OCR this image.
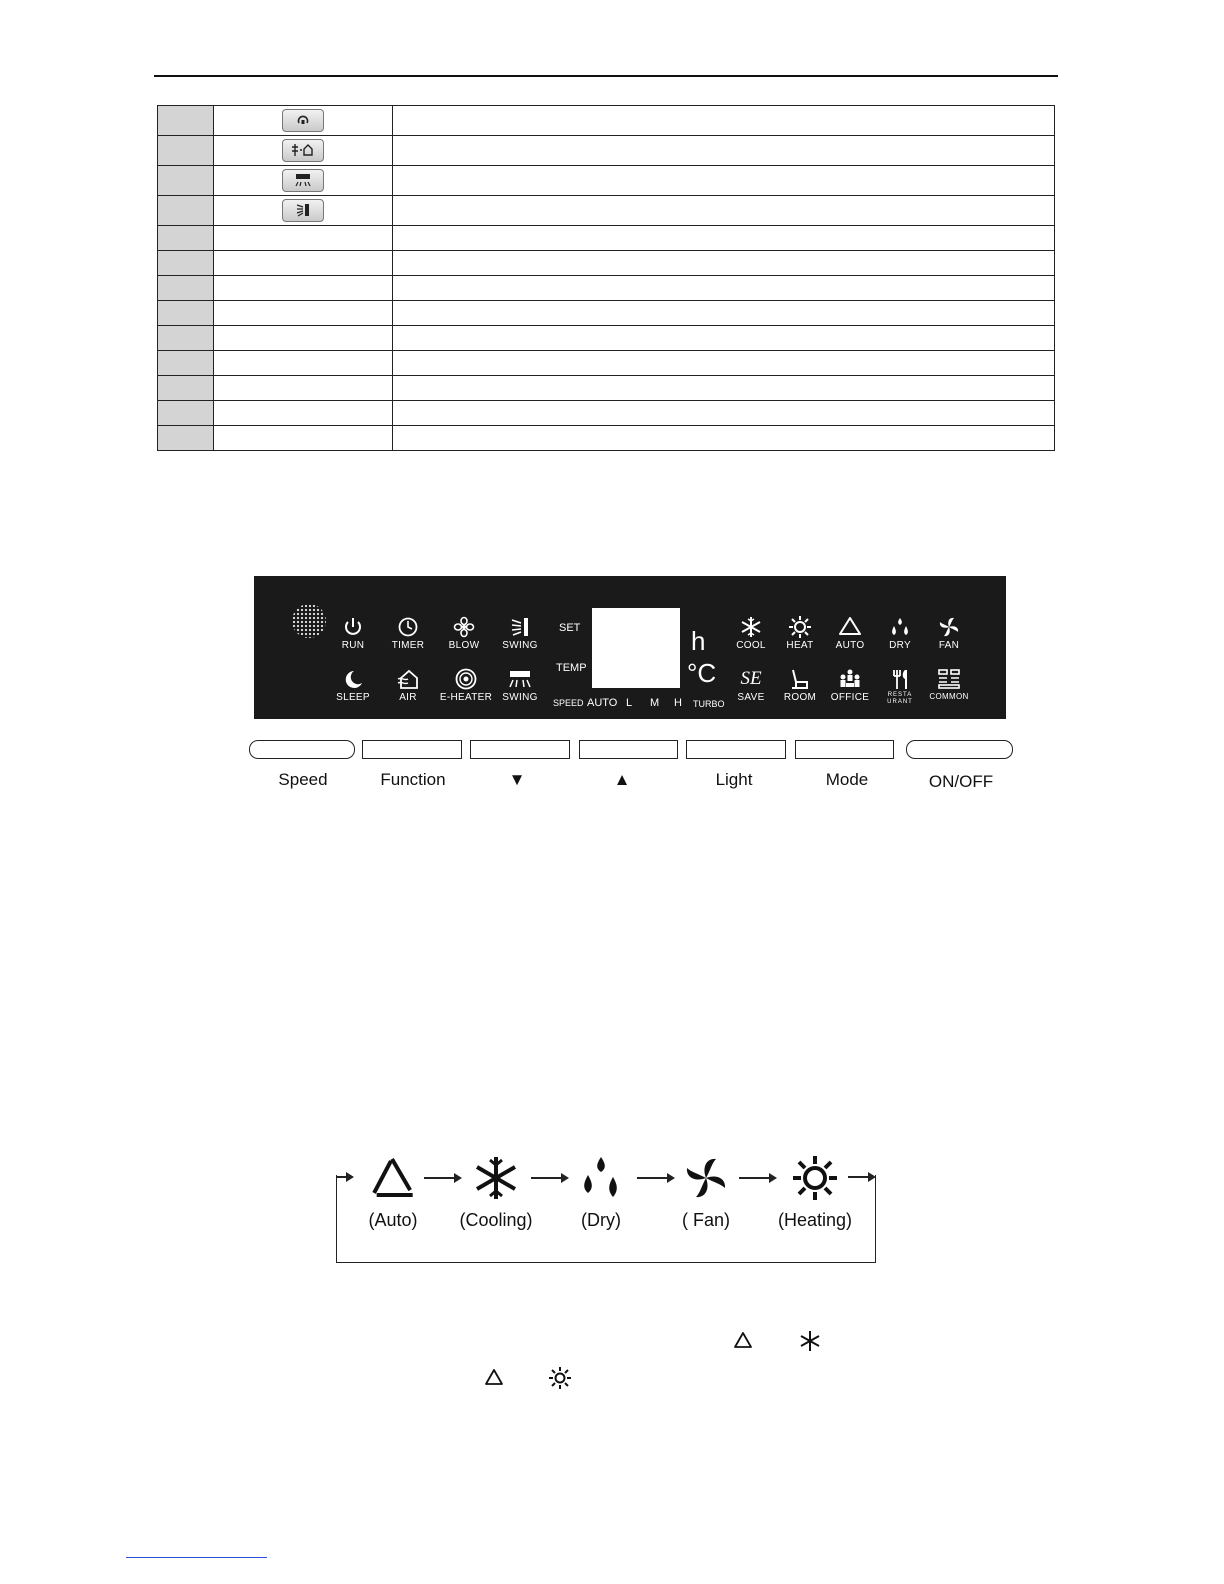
RUN	TIMER	BLOW	SWING
SLEEP	AIR	E-HEATER	SWING
SET
TEMP
h
°C
SPEED AUTO L M H TURBO
COOL	HEAT	AUTO	DRY	FAN
SE
SAVE	ROOM	OFFICE	RESTA URANT
COMMON
Speed	Function	▼	▲	Light	Mode	ON/OFF
(Auto)	(Cooling)	(Dry)	( Fan)	(Heating)
